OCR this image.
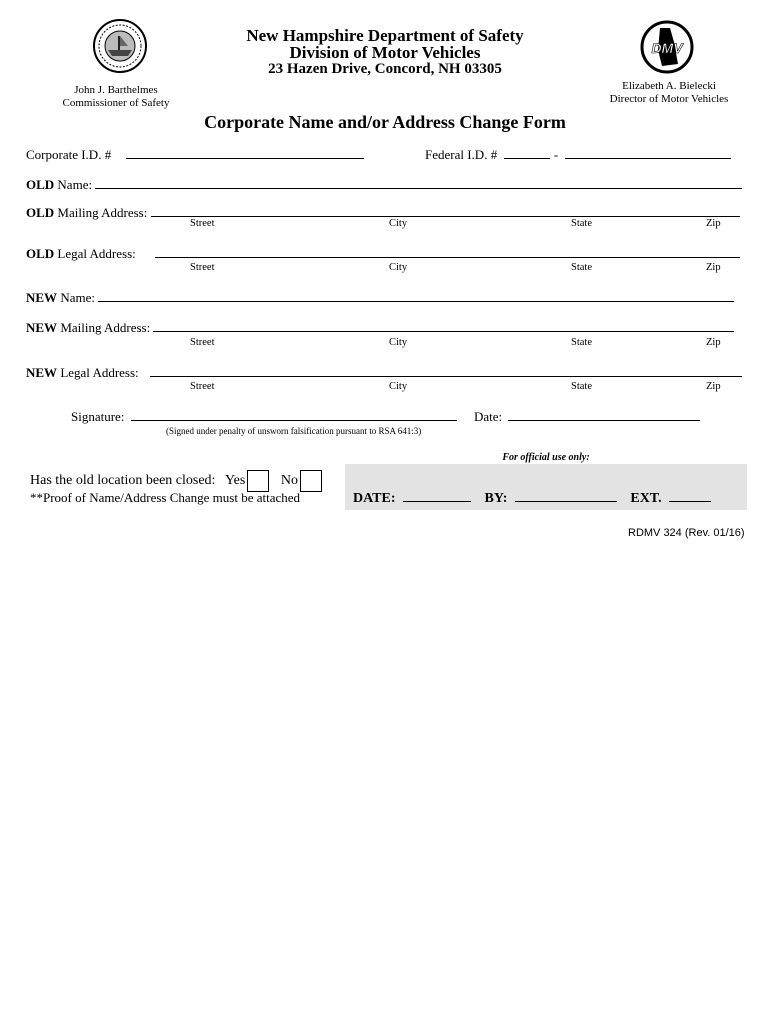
DMV
New Hampshire Department of Safety
Division of Motor Vehicles
23 Hazen Drive, Concord, NH 03305
John J. Barthelmes
Commissioner of Safety
Elizabeth A. Bielecki
Director of Motor Vehicles
Corporate Name and/or Address Change Form
Corporate I.D. #	Federal I.D. #	-
OLD Name:
OLD Mailing Address:
Street	City	State	Zip
OLD Legal Address:
Street	City	State	Zip
NEW Name:
NEW Mailing Address:
Street	City	State	Zip
NEW Legal Address:
Street	City	State	Zip
Signature:	Date:
(Signed under penalty of unsworn falsification pursuant to RSA 641:3)
For official use only:
DATE:	BY:	EXT.
Has the old location been closed: Yes	No
**Proof of Name/Address Change must be attached
RDMV 324 (Rev. 01/16)
